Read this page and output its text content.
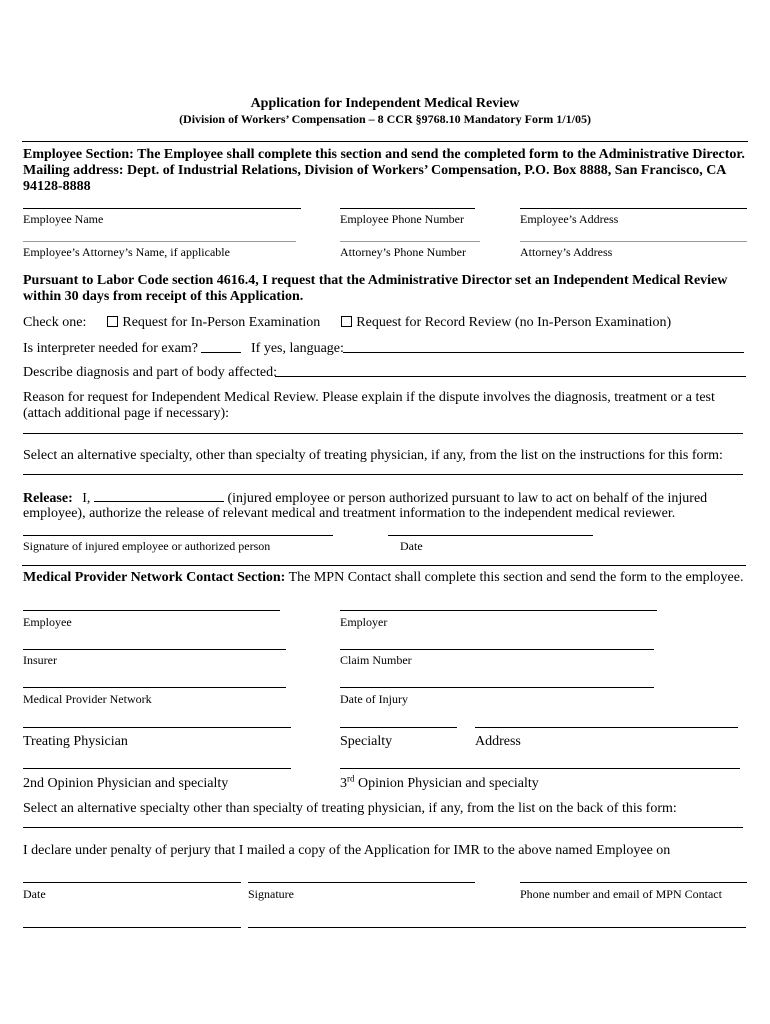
Application for Independent Medical Review
(Division of Workers’ Compensation – 8 CCR §9768.10 Mandatory Form 1/1/05)
Employee Section: The Employee shall complete this section and send the completed form to the Administrative Director.
Mailing address: Dept. of Industrial Relations, Division of Workers’ Compensation, P.O. Box 8888, San Francisco, CA
94128-8888
Employee Name	Employee Phone Number	Employee’s Address
Employee’s Attorney’s Name, if applicable	Attorney’s Phone Number	Attorney’s Address
Pursuant to Labor Code section 4616.4, I request that the Administrative Director set an Independent Medical Review
within 30 days from receipt of this Application.
Check one:	Request for In-Person Examination	Request for Record Review (no In-Person Examination)
Is interpreter needed for exam?	If yes, language:
Describe diagnosis and part of body affected:
Reason for request for Independent Medical Review. Please explain if the dispute involves the diagnosis, treatment or a test
(attach additional page if necessary):
Select an alternative specialty, other than specialty of treating physician, if any, from the list on the instructions for this form:
Release: I,	(injured employee or person authorized pursuant to law to act on behalf of the injured
employee), authorize the release of relevant medical and treatment information to the independent medical reviewer.
Signature of injured employee or authorized person	Date
Medical Provider Network Contact Section: The MPN Contact shall complete this section and send the form to the employee.
Employee	Employer
Insurer	Claim Number
Medical Provider Network	Date of Injury
Treating Physician	Specialty	Address
2nd Opinion Physician and specialty	3rd Opinion Physician and specialty
Select an alternative specialty other than specialty of treating physician, if any, from the list on the back of this form:
I declare under penalty of perjury that I mailed a copy of the Application for IMR to the above named Employee on
Date	Signature	Phone number and email of MPN Contact
